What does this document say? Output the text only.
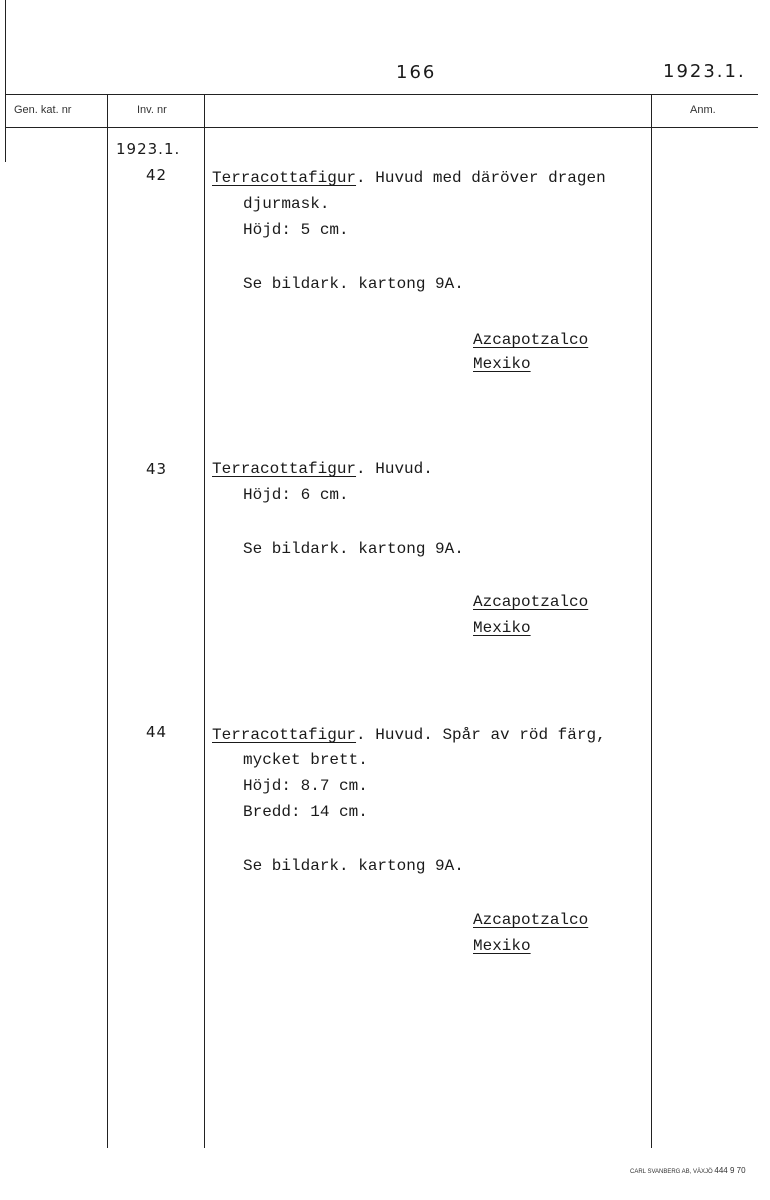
166	1923.1.
Gen. kat. nr	Inv. nr	Anm.
1923.1.
42	Terracottafigur. Huvud med däröver dragen
djurmask.
Höjd: 5 cm.
Se bildark. kartong 9A.
Azcapotzalco
Mexiko
43	Terracottafigur. Huvud.
Höjd: 6 cm.
Se bildark. kartong 9A.
Azcapotzalco
Mexiko
44	Terracottafigur. Huvud. Spår av röd färg,
mycket brett.
Höjd: 8.7 cm.
Bredd: 14 cm.
Se bildark. kartong 9A.
Azcapotzalco
Mexiko
CARL SVANBERG AB, VÄXJÖ 444 9 70
